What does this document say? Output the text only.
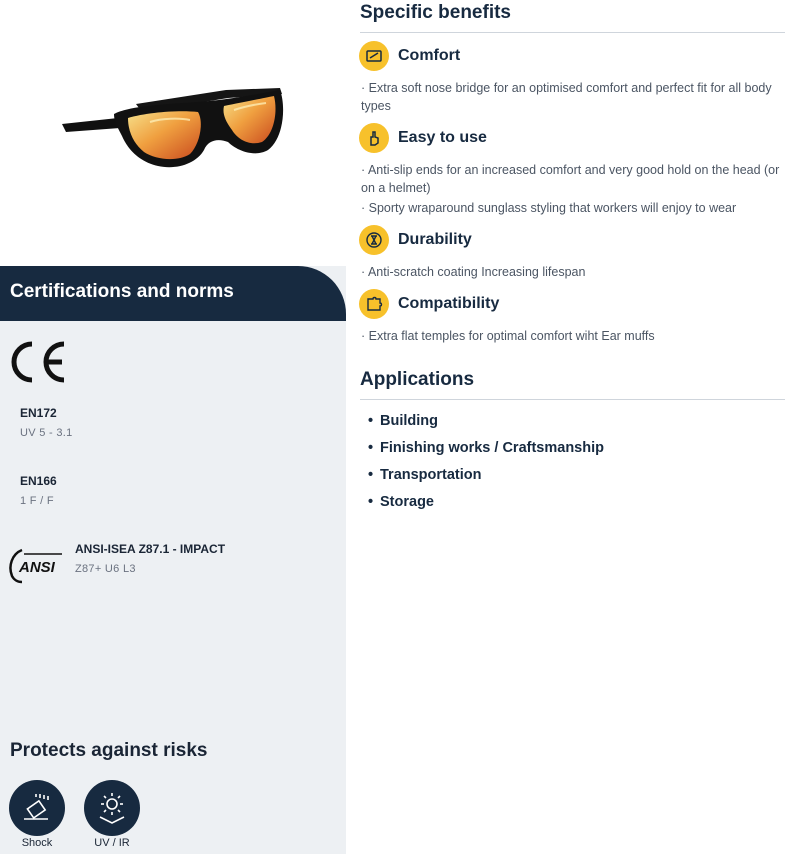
Certifications and norms
EN172
UV 5 - 3.1
EN166
1 F / F
ANSI
ANSI-ISEA Z87.1 - IMPACT
Z87+ U6 L3
Protects against risks
Shock	UV / IR
Specific benefits
Comfort
· Extra soft nose bridge for an optimised comfort and perfect fit for all body types
Easy to use
· Anti-slip ends for an increased comfort and very good hold on the head (or on a helmet)
· Sporty wraparound sunglass styling that workers will enjoy to wear
Durability
· Anti-scratch coating Increasing lifespan
Compatibility
· Extra flat temples for optimal comfort wiht Ear muffs
Applications
• Building
• Finishing works / Craftsmanship
• Transportation
• Storage
